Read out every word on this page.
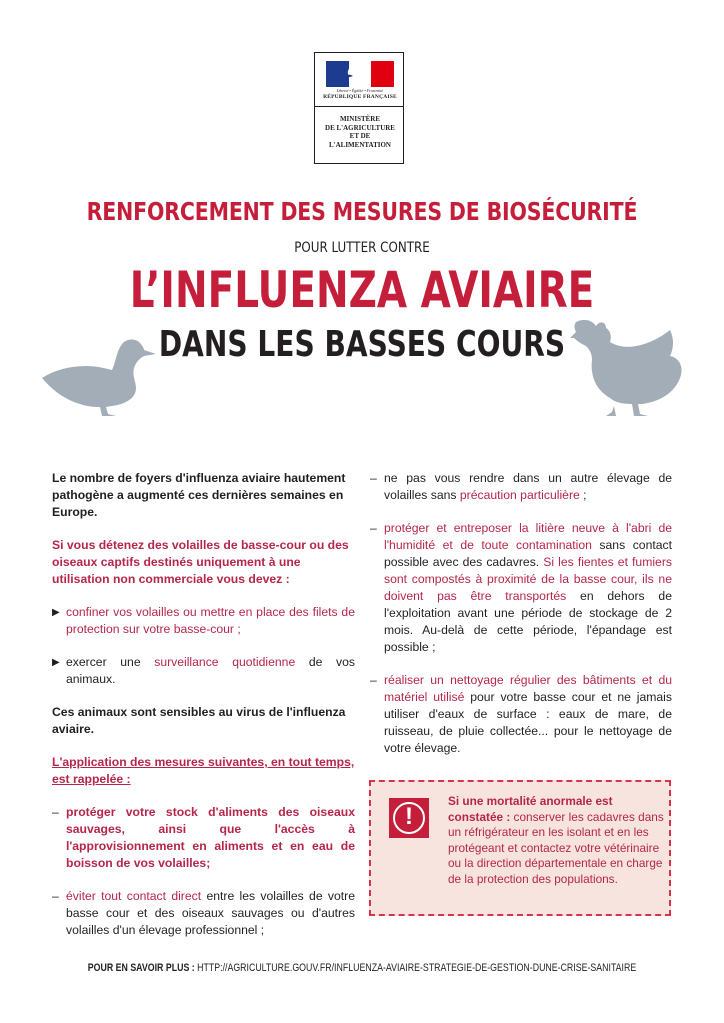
Liberté • Égalité • Fraternité
RÉPUBLIQUE FRANÇAISE
MINISTÈRE
DE L'AGRICULTURE
ET DE
L'ALIMENTATION
RENFORCEMENT DES MESURES DE BIOSÉCURITÉ
POUR LUTTER CONTRE
L’INFLUENZA AVIAIRE
DANS LES BASSES COURS

Le nombre de foyers d'influenza aviaire hautement pathogène a augmenté ces dernières semaines en Europe.

Si vous détenez des volailles de basse-cour ou des oiseaux captifs destinés uniquement à une utilisation non commerciale vous devez :

▶ confiner vos volailles ou mettre en place des filets de protection sur votre basse-cour ;
▶ exercer une surveillance quotidienne de vos animaux.

Ces animaux sont sensibles au virus de l'influenza aviaire.

L'application des mesures suivantes, en tout temps, est rappelée :

– protéger votre stock d'aliments des oiseaux sauvages, ainsi que l'accès à l'approvisionnement en aliments et en eau de boisson de vos volailles;
– éviter tout contact direct entre les volailles de votre basse cour et des oiseaux sauvages ou d'autres volailles d'un élevage professionnel ;
– ne pas vous rendre dans un autre élevage de volailles sans précaution particulière ;
– protéger et entreposer la litière neuve à l'abri de l'humidité et de toute contamination sans contact possible avec des cadavres. Si les fientes et fumiers sont compostés à proximité de la basse cour, ils ne doivent pas être transportés en dehors de l'exploitation avant une période de stockage de 2 mois. Au-delà de cette période, l'épandage est possible ;
– réaliser un nettoyage régulier des bâtiments et du matériel utilisé pour votre basse cour et ne jamais utiliser d'eaux de surface : eaux de mare, de ruisseau, de pluie collectée... pour le nettoyage de votre élevage.
!
Si une mortalité anormale est constatée : conserver les cadavres dans un réfrigérateur en les isolant et en les protégeant et contactez votre vétérinaire ou la direction départementale en charge de la protection des populations.
POUR EN SAVOIR PLUS : HTTP://AGRICULTURE.GOUV.FR/INFLUENZA-AVIAIRE-STRATEGIE-DE-GESTION-DUNE-CRISE-SANITAIRE
